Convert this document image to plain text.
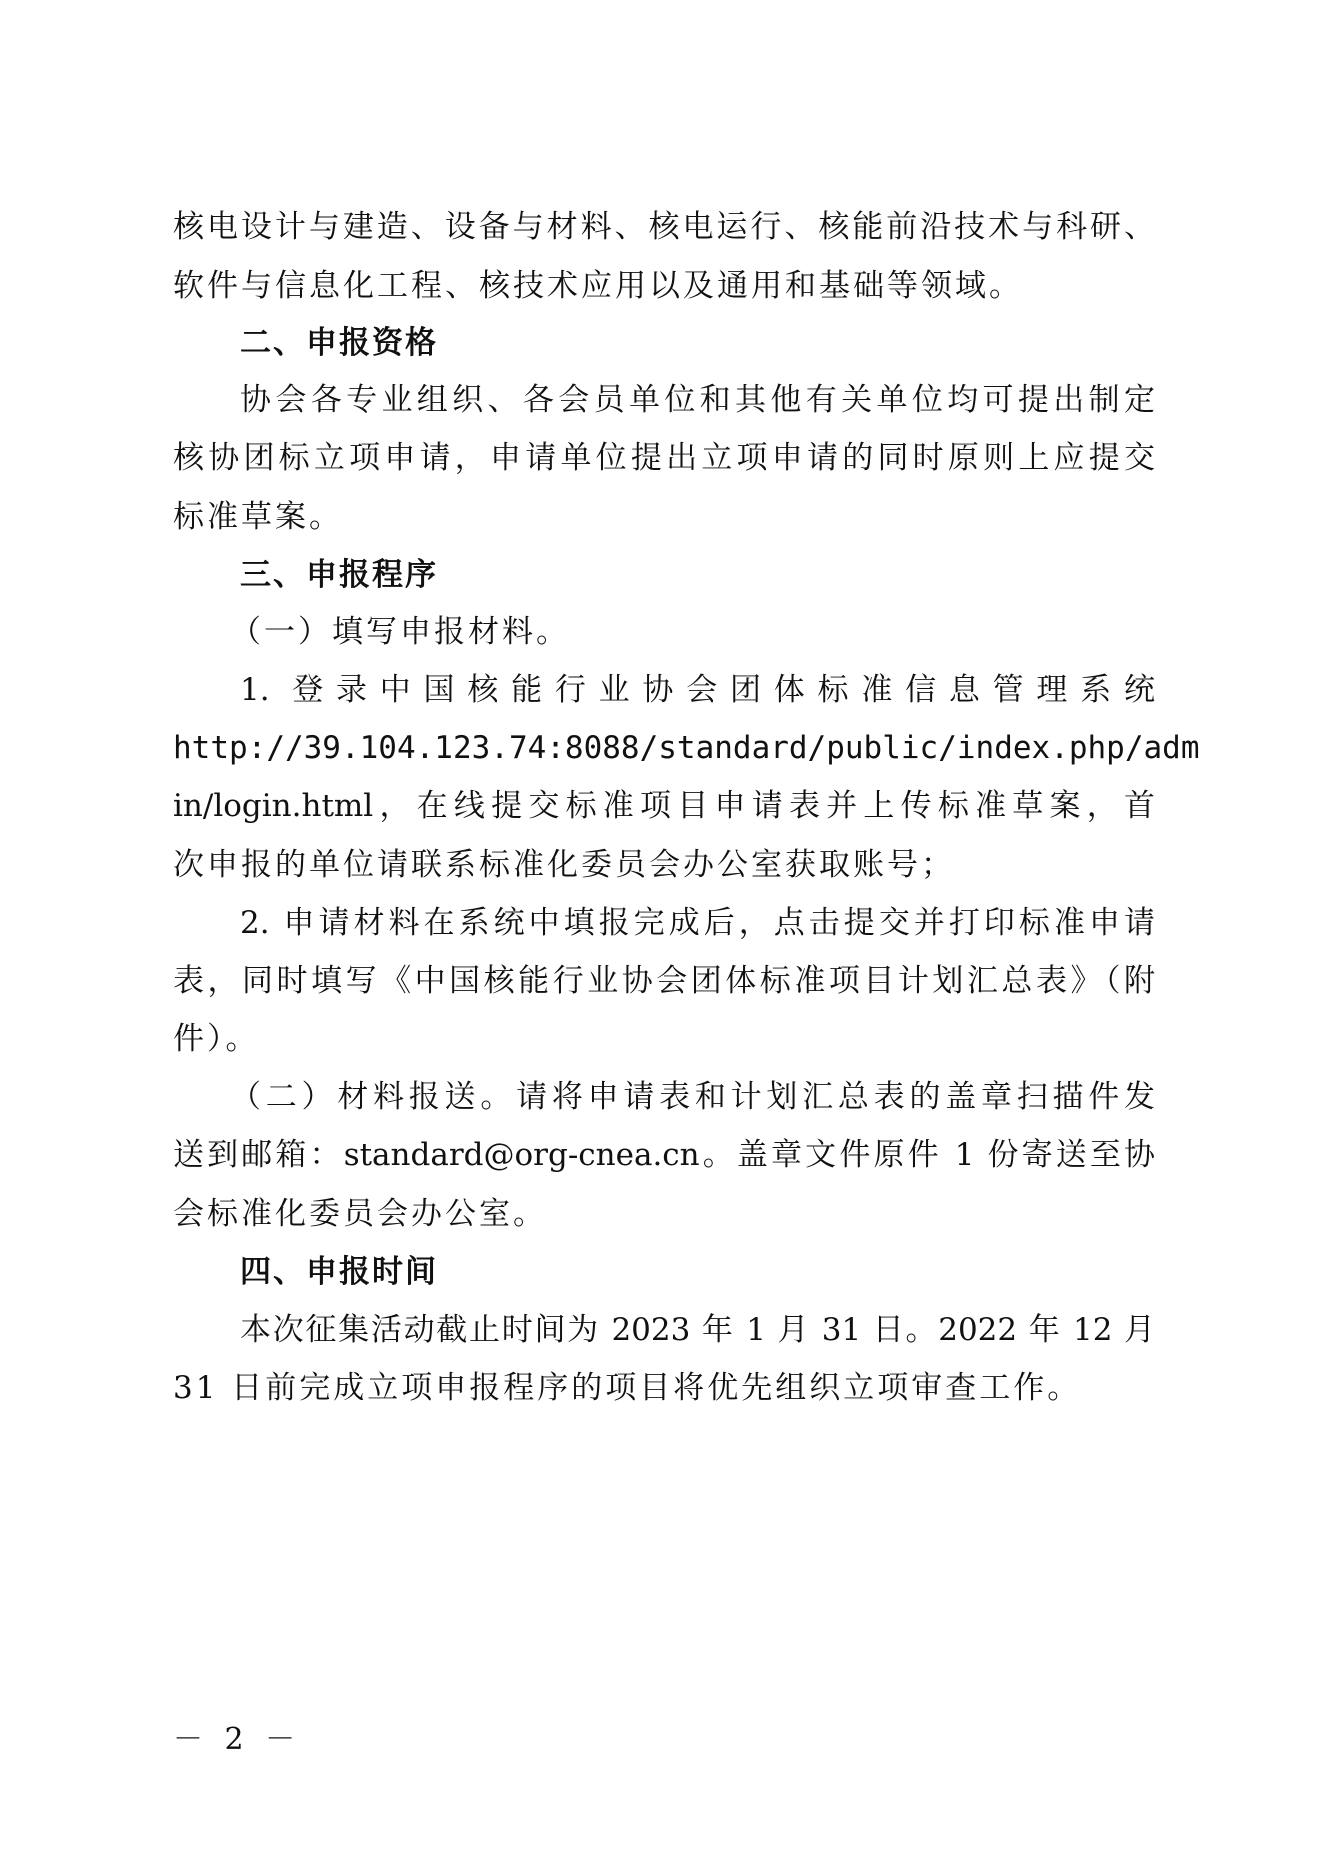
核电设计与建造、设备与材料、核电运行、核能前沿技术与科研、
软件与信息化工程、核技术应用以及通用和基础等领域。
二、申报资格
协会各专业组织、各会员单位和其他有关单位均可提出制定
核协团标立项申请，申请单位提出立项申请的同时原则上应提交
标准草案。
三、申报程序
（一）填写申报材料。
1. 登录中国核能行业协会团体标准信息管理系统
http://39.104.123.74:8088/standard/public/index.php/adm
in/login.html，在线提交标准项目申请表并上传标准草案，首
次申报的单位请联系标准化委员会办公室获取账号；
2. 申请材料在系统中填报完成后，点击提交并打印标准申请
表，同时填写《中国核能行业协会团体标准项目计划汇总表》（附
件）。
（二）材料报送。请将申请表和计划汇总表的盖章扫描件发
送到邮箱：standard@org-cnea.cn。盖章文件原件 1 份寄送至协
会标准化委员会办公室。
四、申报时间
本次征集活动截止时间为 2023 年 1 月 31 日。2022 年 12 月
31 日前完成立项申报程序的项目将优先组织立项审查工作。
－ 2 －
